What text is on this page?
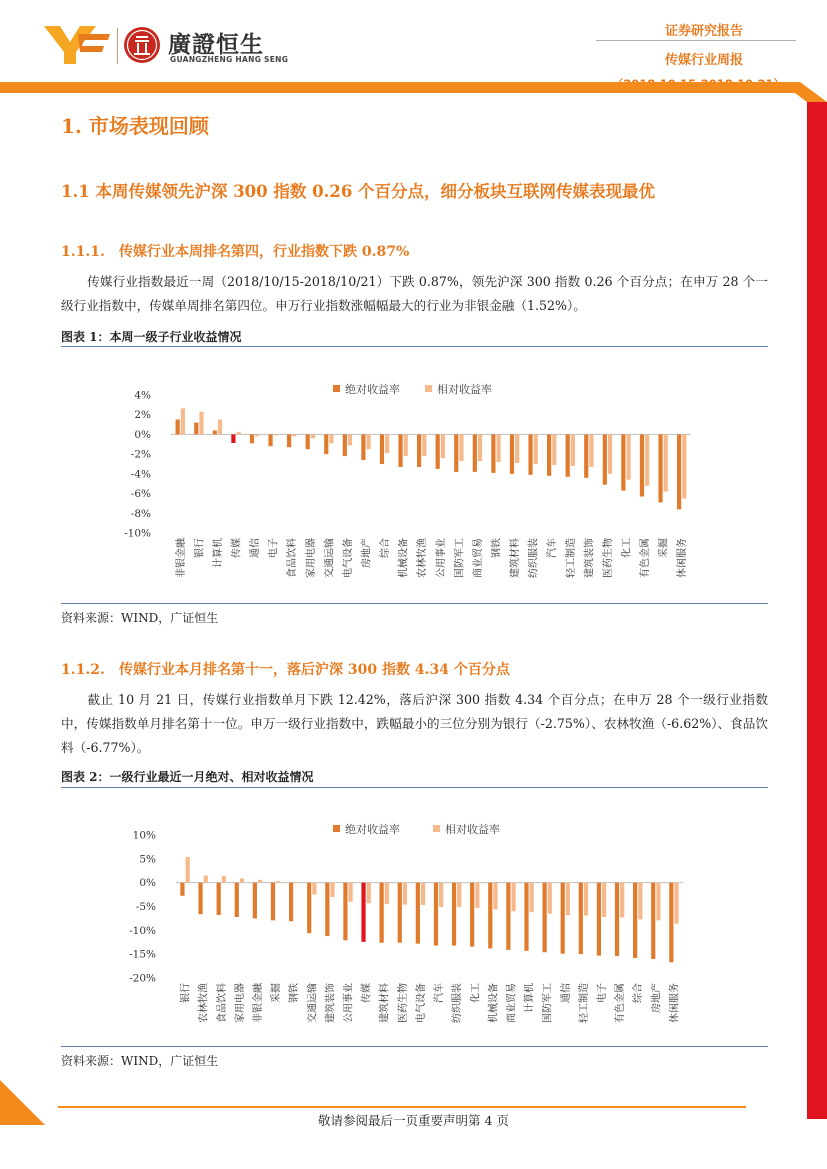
廣證恒生
GUANGZHENG HANG SENG
证券研究报告
传媒行业周报
1. 市场表现回顾
1.1 本周传媒领先沪深 300 指数 0.26 个百分点，细分板块互联网传媒表现最优
1.1.1. 传媒行业本周排名第四，行业指数下跌 0.87%
传媒行业指数最近一周（2018/10/15-2018/10/21）下跌 0.87%，领先沪深 300 指数 0.26 个百分点；在申万 28 个一级行业指数中，传媒单周排名第四位。申万行业指数涨幅幅最大的行业为非银金融（1.52%）。
图表 1：本周一级子行业收益情况
4%
2%
0%
-2%
-4%
-6%
-8%
-10%
非银金融 银行 计算机 传媒 通信 电子 食品饮料 家用电器 交通运输 电气设备 房地产 综合 机械设备 农林牧渔 公用事业 国防军工 商业贸易 钢铁 建筑材料 纺织服装 汽车 轻工制造 建筑装饰 医药生物 化工 有色金属 采掘 休闲服务
绝对收益率	相对收益率
资料来源：WIND，广证恒生
1.1.2. 传媒行业本月排名第十一，落后沪深 300 指数 4.34 个百分点
截止 10 月 21 日，传媒行业指数单月下跌 12.42%，落后沪深 300 指数 4.34 个百分点；在申万 28 个一级行业指数中，传媒指数单月排名第十一位。申万一级行业指数中，跌幅最小的三位分别为银行（-2.75%）、农林牧渔（-6.62%）、食品饮料（-6.77%）。
图表 2：一级行业最近一月绝对、相对收益情况
10%
5%
0%
-5%
-10%
-15%
-20%
银行 农林牧渔 食品饮料 家用电器 非银金融 采掘 钢铁 交通运输 建筑装饰 公用事业 传媒 建筑材料 医药生物 电气设备 汽车 纺织服装 化工 机械设备 商业贸易 计算机 国防军工 通信 轻工制造 电子 有色金属 综合 房地产 休闲服务
绝对收益率	相对收益率
资料来源：WIND，广证恒生
敬请参阅最后一页重要声明第 4 页
